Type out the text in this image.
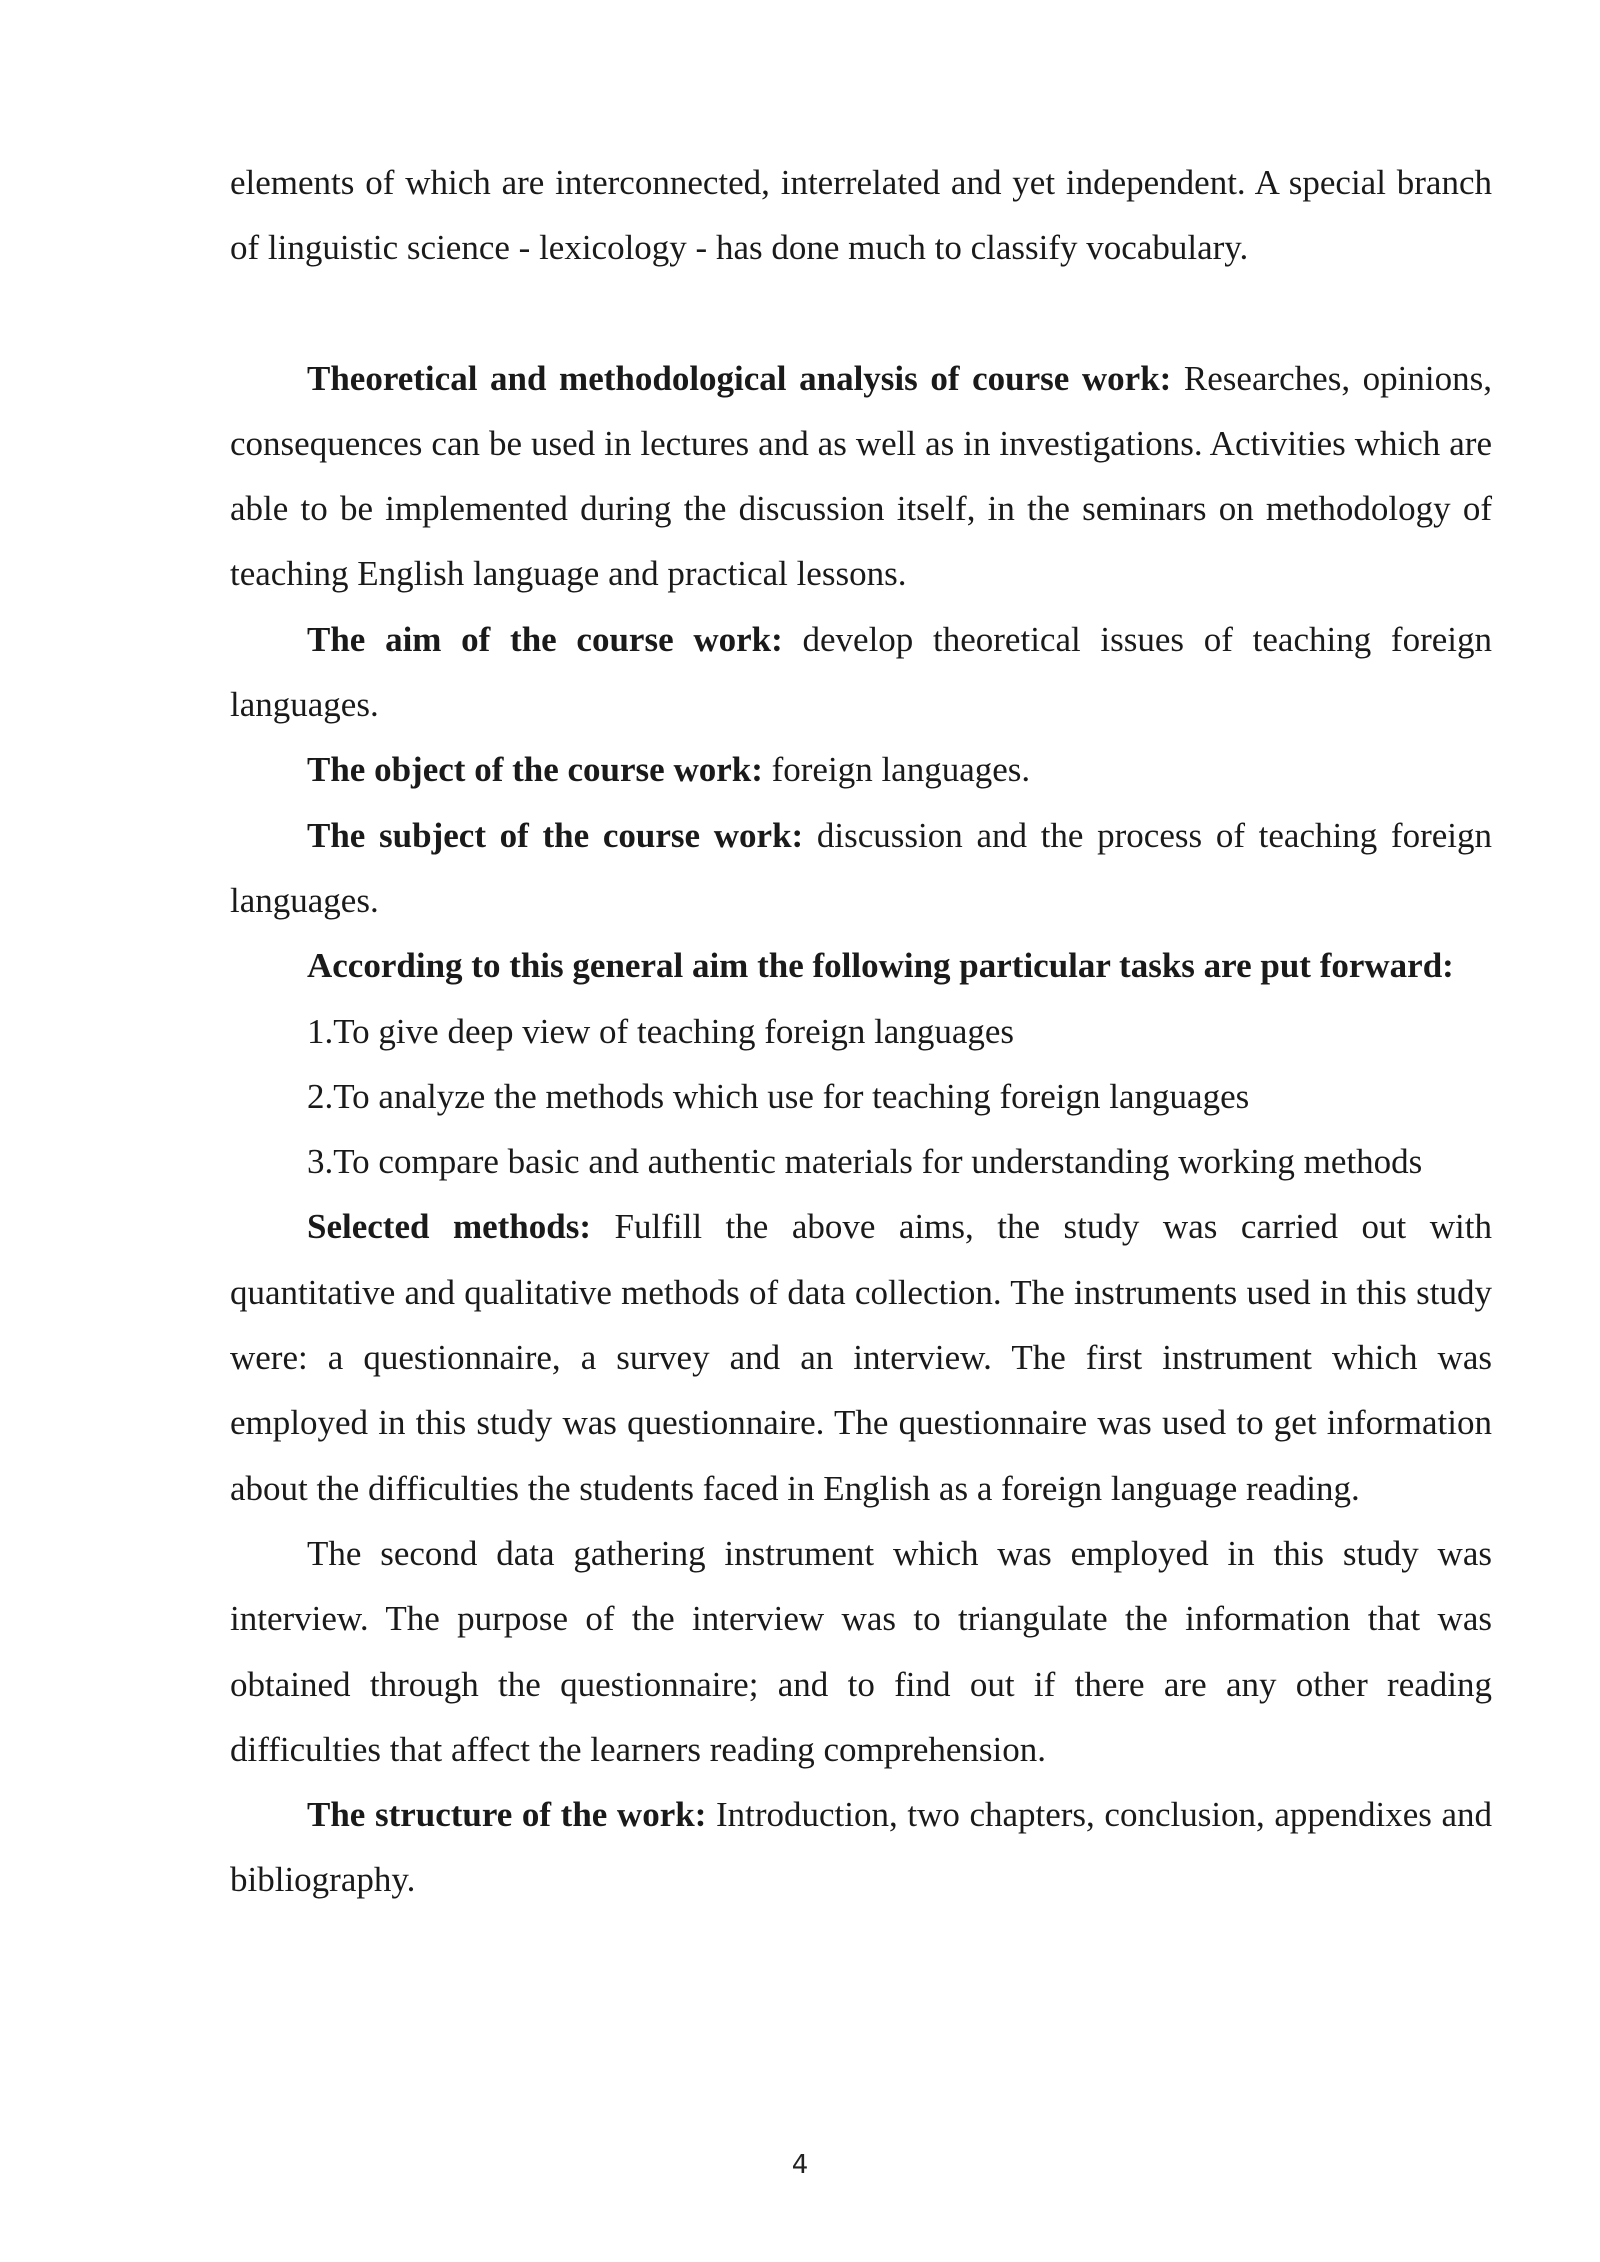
elements of which are interconnected, interrelated and yet independent. A special branch of linguistic science - lexicology - has done much to classify vocabulary.

Theoretical and methodological analysis of course work: Researches, opinions, consequences can be used in lectures and as well as in investigations. Activities which are able to be implemented during the discussion itself, in the seminars on methodology of teaching English language and practical lessons.

The aim of the course work: develop theoretical issues of teaching foreign languages.

The object of the course work: foreign languages.

The subject of the course work: discussion and the process of teaching foreign languages.

According to this general aim the following particular tasks are put forward:

1.To give deep view of teaching foreign languages

2.To analyze the methods which use for teaching foreign languages

3.To compare basic and authentic materials for understanding working methods

Selected methods: Fulfill the above aims, the study was carried out with quantitative and qualitative methods of data collection. The instruments used in this study were: a questionnaire, a survey and an interview. The first instrument which was employed in this study was questionnaire. The questionnaire was used to get information about the difficulties the students faced in English as a foreign language reading.

The second data gathering instrument which was employed in this study was interview. The purpose of the interview was to triangulate the information that was obtained through the questionnaire; and to find out if there are any other reading difficulties that affect the learners reading comprehension.

The structure of the work: Introduction, two chapters, conclusion, appendixes and bibliography.

4
